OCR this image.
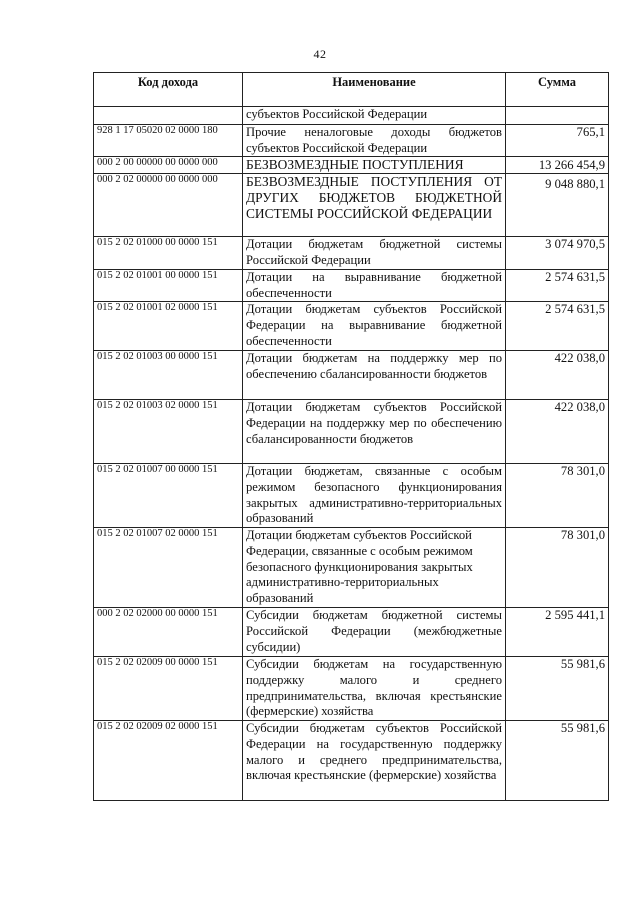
42
Код дохода	Наименование	Сумма
	субъектов Российской Федерации	
928 1 17 05020 02 0000 180	Прочие неналоговые доходы бюджетов субъектов Российской Федерации	765,1
000 2 00 00000 00 0000 000	БЕЗВОЗМЕЗДНЫЕ ПОСТУПЛЕНИЯ	13 266 454,9
000 2 02 00000 00 0000 000	БЕЗВОЗМЕЗДНЫЕ ПОСТУПЛЕНИЯ ОТ ДРУГИХ БЮДЖЕТОВ БЮДЖЕТНОЙ СИСТЕМЫ РОССИЙСКОЙ ФЕДЕРАЦИИ	9 048 880,1
015 2 02 01000 00 0000 151	Дотации бюджетам бюджетной системы Российской Федерации	3 074 970,5
015 2 02 01001 00 0000 151	Дотации на выравнивание бюджетной обеспеченности	2 574 631,5
015 2 02 01001 02 0000 151	Дотации бюджетам субъектов Российской Федерации на выравнивание бюджетной обеспеченности	2 574 631,5
015 2 02 01003 00 0000 151	Дотации бюджетам на поддержку мер по обеспечению сбалансированности бюджетов	422 038,0
015 2 02 01003 02 0000 151	Дотации бюджетам субъектов Российской Федерации на поддержку мер по обеспечению сбалансированности бюджетов	422 038,0
015 2 02 01007 00 0000 151	Дотации бюджетам, связанные с особым режимом безопасного функционирования закрытых административно-территориальных образований	78 301,0
015 2 02 01007 02 0000 151	Дотации бюджетам субъектов Российской Федерации, связанные с особым режимом безопасного функционирования закрытых административно-территориальных образований	78 301,0
000 2 02 02000 00 0000 151	Субсидии бюджетам бюджетной системы Российской Федерации (межбюджетные субсидии)	2 595 441,1
015 2 02 02009 00 0000 151	Субсидии бюджетам на государственную поддержку малого и среднего предпринимательства, включая крестьянские (фермерские) хозяйства	55 981,6
015 2 02 02009 02 0000 151	Субсидии бюджетам субъектов Российской Федерации на государственную поддержку малого и среднего предпринимательства, включая крестьянские (фермерские) хозяйства	55 981,6
